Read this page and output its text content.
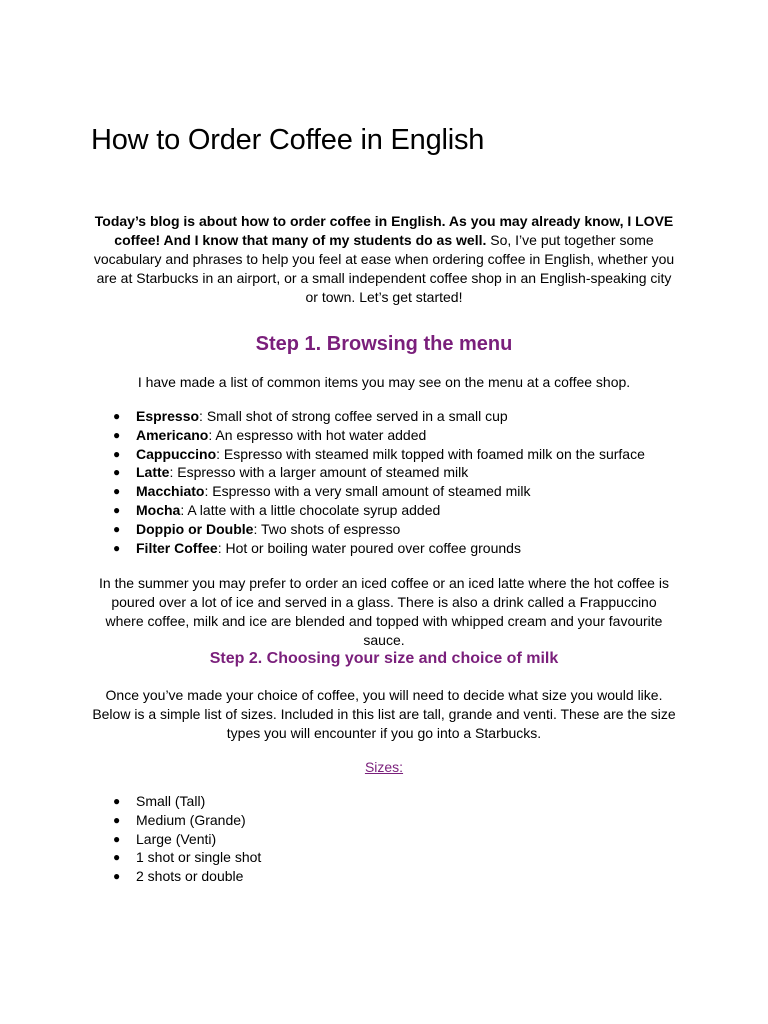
How to Order Coffee in English

Today’s blog is about how to order coffee in English. As you may already know, I LOVE coffee! And I know that many of my students do as well. So, I’ve put together some vocabulary and phrases to help you feel at ease when ordering coffee in English, whether you are at Starbucks in an airport, or a small independent coffee shop in an English-speaking city or town. Let’s get started!

Step 1. Browsing the menu

I have made a list of common items you may see on the menu at a coffee shop.

● Espresso: Small shot of strong coffee served in a small cup
● Americano: An espresso with hot water added
● Cappuccino: Espresso with steamed milk topped with foamed milk on the surface
● Latte: Espresso with a larger amount of steamed milk
● Macchiato: Espresso with a very small amount of steamed milk
● Mocha: A latte with a little chocolate syrup added
● Doppio or Double: Two shots of espresso
● Filter Coffee: Hot or boiling water poured over coffee grounds

In the summer you may prefer to order an iced coffee or an iced latte where the hot coffee is poured over a lot of ice and served in a glass. There is also a drink called a Frappuccino where coffee, milk and ice are blended and topped with whipped cream and your favourite sauce.

Step 2. Choosing your size and choice of milk

Once you’ve made your choice of coffee, you will need to decide what size you would like. Below is a simple list of sizes. Included in this list are tall, grande and venti. These are the size types you will encounter if you go into a Starbucks.

Sizes:
● Small (Tall)
● Medium (Grande)
● Large (Venti)
● 1 shot or single shot
● 2 shots or double
